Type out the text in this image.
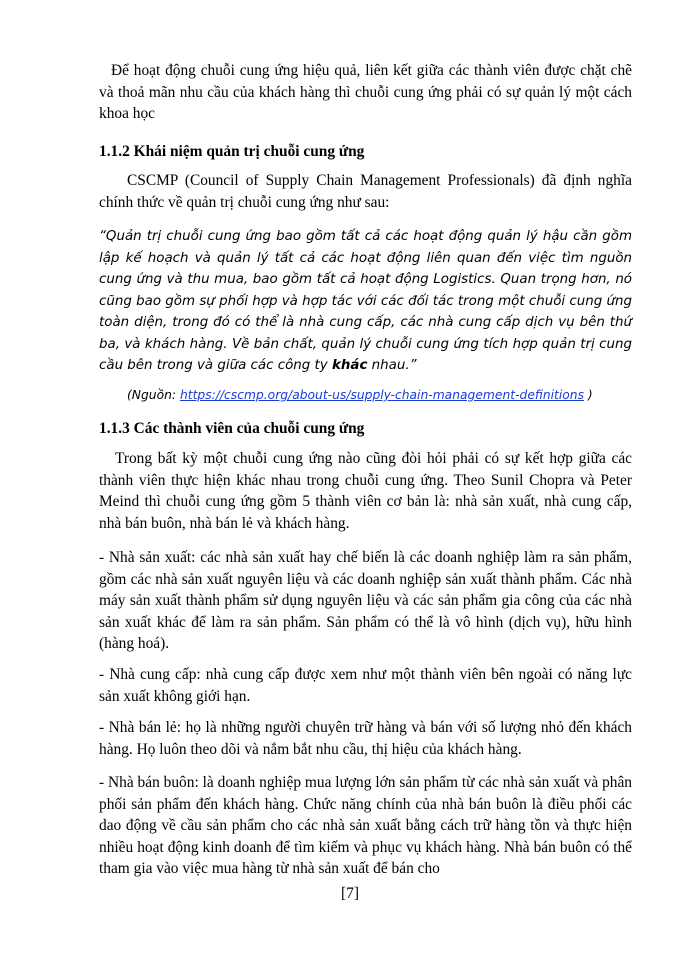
Để hoạt động chuỗi cung ứng hiệu quả, liên kết giữa các thành viên được chặt chẽ và thoả mãn nhu cầu của khách hàng thì chuỗi cung ứng phải có sự quản lý một cách khoa học

1.1.2 Khái niệm quản trị chuỗi cung ứng

CSCMP (Council of Supply Chain Management Professionals) đã định nghĩa chính thức về quản trị chuỗi cung ứng như sau:

“Quản trị chuỗi cung ứng bao gồm tất cả các hoạt động quản lý hậu cần gồm lập kế hoạch và quản lý tất cả các hoạt động liên quan đến việc tìm nguồn cung ứng và thu mua, bao gồm tất cả hoạt động Logistics. Quan trọng hơn, nó cũng bao gồm sự phối hợp và hợp tác với các đối tác trong một chuỗi cung ứng toàn diện, trong đó có thể là nhà cung cấp, các nhà cung cấp dịch vụ bên thứ ba, và khách hàng. Về bản chất, quản lý chuỗi cung ứng tích hợp quản trị cung cầu bên trong và giữa các công ty khác nhau.”

(Nguồn: https://cscmp.org/about-us/supply-chain-management-definitions )
1.1.3 Các thành viên của chuỗi cung ứng

Trong bất kỳ một chuỗi cung ứng nào cũng đòi hỏi phải có sự kết hợp giữa các thành viên thực hiện khác nhau trong chuỗi cung ứng. Theo Sunil Chopra và Peter Meind thì chuỗi cung ứng gồm 5 thành viên cơ bản là: nhà sản xuất, nhà cung cấp, nhà bán buôn, nhà bán lẻ và khách hàng.

- Nhà sản xuất: các nhà sản xuất hay chế biến là các doanh nghiệp làm ra sản phẩm, gồm các nhà sản xuất nguyên liệu và các doanh nghiệp sản xuất thành phẩm. Các nhà máy sản xuất thành phẩm sử dụng nguyên liệu và các sản phẩm gia công của các nhà sản xuất khác để làm ra sản phẩm. Sản phẩm có thể là vô hình (dịch vụ), hữu hình (hàng hoá).

- Nhà cung cấp: nhà cung cấp được xem như một thành viên bên ngoài có năng lực sản xuất không giới hạn.

- Nhà bán lẻ: họ là những người chuyên trữ hàng và bán với số lượng nhỏ đến khách hàng. Họ luôn theo dõi và nắm bắt nhu cầu, thị hiệu của khách hàng.

- Nhà bán buôn: là doanh nghiệp mua lượng lớn sản phẩm từ các nhà sản xuất và phân phối sản phẩm đến khách hàng. Chức năng chính của nhà bán buôn là điều phối các dao động về cầu sản phẩm cho các nhà sản xuất bằng cách trữ hàng tồn và thực hiện nhiều hoạt động kinh doanh để tìm kiếm và phục vụ khách hàng. Nhà bán buôn có thể tham gia vào việc mua hàng từ nhà sản xuất để bán cho

[7]
